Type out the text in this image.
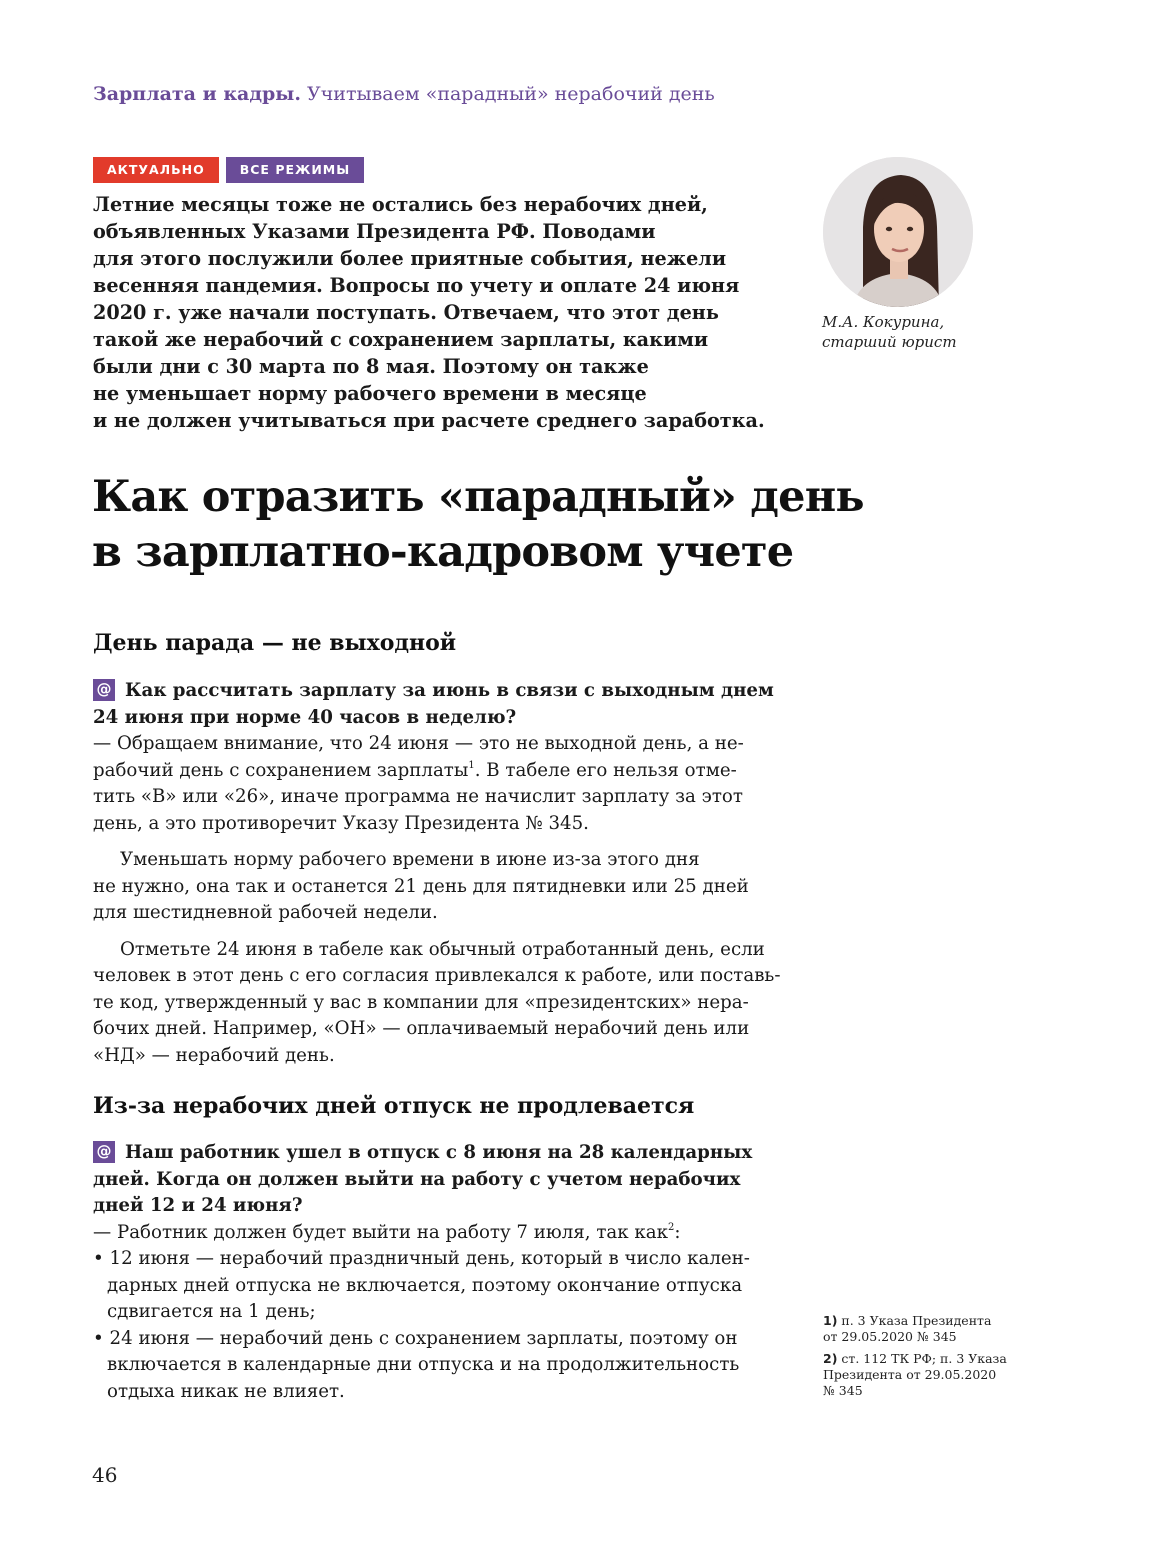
Зарплата и кадры. Учитываем «парадный» нерабочий день
АКТУАЛЬНО	ВСЕ РЕЖИМЫ
Летние месяцы тоже не остались без нерабочих дней,
объявленных Указами Президента РФ. Поводами
для этого послужили более приятные события, нежели
весенняя пандемия. Вопросы по учету и оплате 24 июня
2020 г. уже начали поступать. Отвечаем, что этот день
такой же нерабочий с сохранением зарплаты, какими
были дни с 30 марта по 8 мая. Поэтому он также
не уменьшает норму рабочего времени в месяце
и не должен учитываться при расчете среднего заработка.
М.А. Кокурина,
старший юрист
Как отразить «парадный» день
в зарплатно-кадровом учете
День парада — не выходной
@ Как рассчитать зарплату за июнь в связи с выходным днем
24 июня при норме 40 часов в неделю?
— Обращаем внимание, что 24 июня — это не выходной день, а не-
рабочий день с сохранением зарплаты$^1$. В табеле его нельзя отме-
тить «В» или «26», иначе программа не начислит зарплату за этот
день, а это противоречит Указу Президента № 345.
Уменьшать норму рабочего времени в июне из-за этого дня
не нужно, она так и останется 21 день для пятидневки или 25 дней
для шестидневной рабочей недели.
Отметьте 24 июня в табеле как обычный отработанный день, если
человек в этот день с его согласия привлекался к работе, или поставь-
те код, утвержденный у вас в компании для «президентских» нера-
бочих дней. Например, «ОН» — оплачиваемый нерабочий день или
«НД» — нерабочий день.
Из-за нерабочих дней отпуск не продлевается
@ Наш работник ушел в отпуск с 8 июня на 28 календарных
дней. Когда он должен выйти на работу с учетом нерабочих
дней 12 и 24 июня?
— Работник должен будет выйти на работу 7 июля, так как$^2$:
• 12 июня — нерабочий праздничный день, который в число кален-
дарных дней отпуска не включается, поэтому окончание отпуска
сдвигается на 1 день;
• 24 июня — нерабочий день с сохранением зарплаты, поэтому он
включается в календарные дни отпуска и на продолжительность
отдыха никак не влияет.
1) п. 3 Указа Президента
от 29.05.2020 № 345
2) ст. 112 ТК РФ; п. 3 Указа
Президента от 29.05.2020
№ 345
46
